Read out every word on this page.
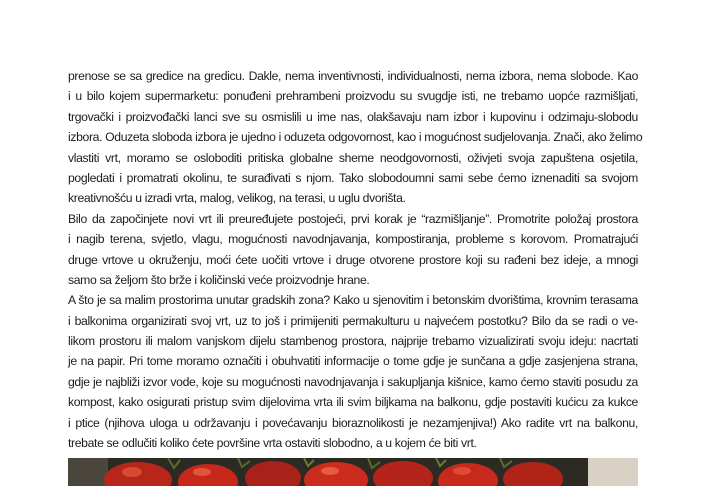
prenose se sa gredice na gredicu. Dakle, nema inventivnosti, individualnosti, nema izbora, nema slobode. Kao
i u bilo kojem supermarketu: ponuđeni prehrambeni proizvodu su svugdje isti, ne trebamo uopće razmišljati,
trgovački i proizvođački lanci sve su osmislili u ime nas, olakšavaju nam izbor i kupovinu i odzimaju-slobodu
izbora. Oduzeta sloboda izbora je ujedno i oduzeta odgovornost, kao i mogućnost sudjelovanja. Znači, ako želimo
vlastiti vrt, moramo se osloboditi pritiska globalne sheme neodgovornosti, oživjeti svoja zapuštena osjetila,
pogledati i promatrati okolinu, te surađivati s njom. Tako slobodoumni sami sebe ćemo iznenaditi sa svojom
kreativnošću u izradi vrta, malog, velikog, na terasi, u uglu dvorišta.
Bilo da započinjete novi vrt ili preuređujete postojeći, prvi korak je “razmišljanje”. Promotrite položaj prostora
i nagib terena, svjetlo, vlagu, mogućnosti navodnjavanja, kompostiranja, probleme s korovom. Promatrajući
druge vrtove u okruženju, moći ćete uočiti vrtove i druge otvorene prostore koji su rađeni bez ideje, a mnogi
samo sa željom što brže i količinski veće proizvodnje hrane.
A što je sa malim prostorima unutar gradskih zona? Kako u sjenovitim i betonskim dvorištima, krovnim terasama
i balkonima organizirati svoj vrt, uz to još i primijeniti permakulturu u najvećem postotku? Bilo da se radi o ve-
likom prostoru ili malom vanjskom dijelu stambenog prostora, najprije trebamo vizualizirati svoju ideju: nacrtati
je na papir. Pri tome moramo označiti i obuhvatiti informacije o tome gdje je sunčana a gdje zasjenjena strana,
gdje je najbliži izvor vode, koje su mogućnosti navodnjavanja i sakupljanja kišnice, kamo ćemo staviti posudu za
kompost, kako osigurati pristup svim dijelovima vrta ili svim biljkama na balkonu, gdje postaviti kućicu za kukce
i ptice (njihova uloga u održavanju i povećavanju bioraznolikosti je nezamjenjiva!) Ako radite vrt na balkonu,
trebate se odlučiti koliko ćete površine vrta ostaviti slobodno, a u kojem će biti vrt.
